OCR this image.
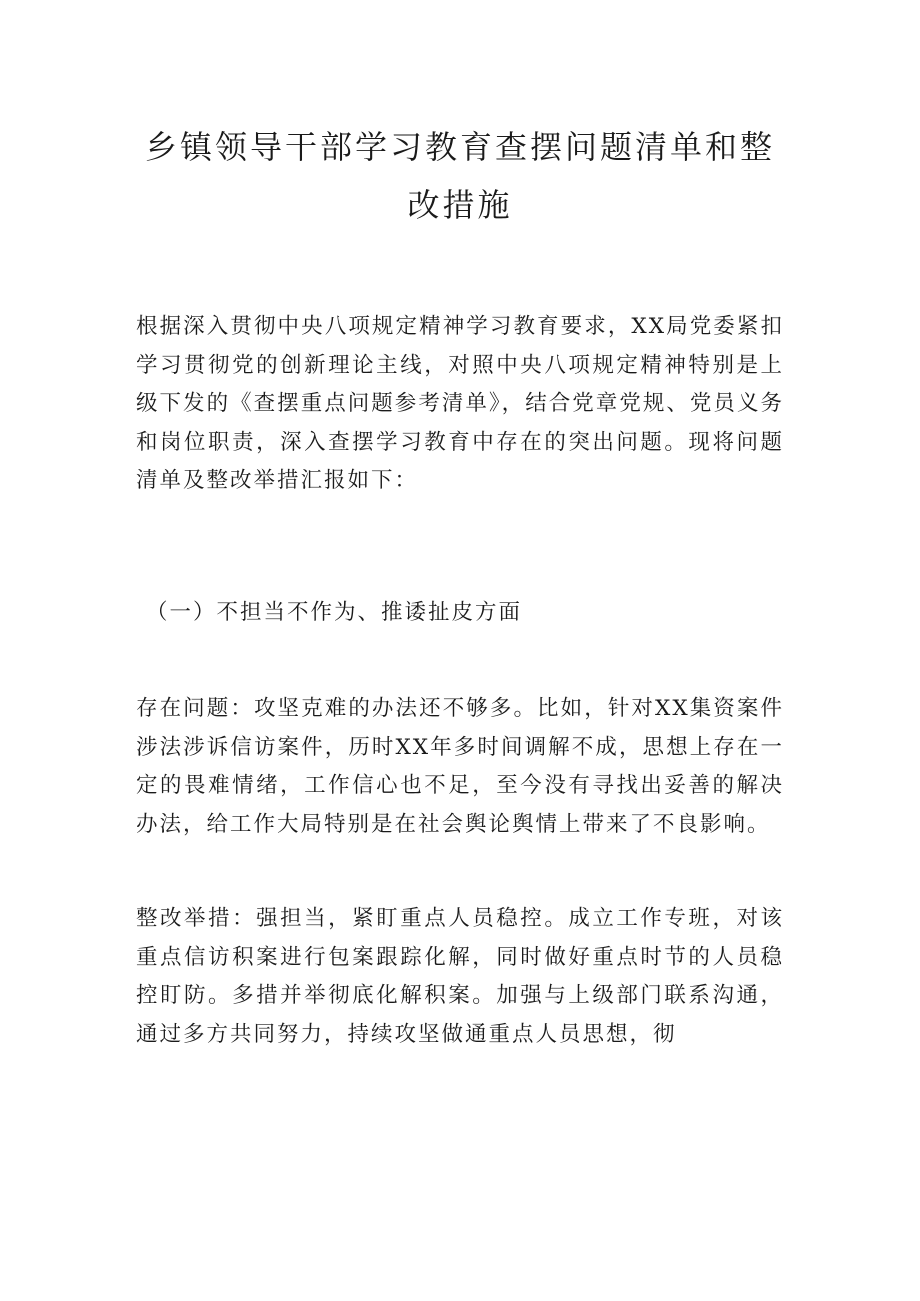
乡镇领导干部学习教育查摆问题清单和整
改措施

根据深入贯彻中央八项规定精神学习教育要求，XX局党委紧扣学习贯彻党的创新理论主线，对照中央八项规定精神特别是上级下发的《查摆重点问题参考清单》，结合党章党规、党员义务和岗位职责，深入查摆学习教育中存在的突出问题。现将问题清单及整改举措汇报如下：

（一）不担当不作为、推诿扯皮方面

存在问题：攻坚克难的办法还不够多。比如，针对XX集资案件涉法涉诉信访案件，历时XX年多时间调解不成，思想上存在一定的畏难情绪，工作信心也不足，至今没有寻找出妥善的解决办法，给工作大局特别是在社会舆论舆情上带来了不良影响。

整改举措：强担当，紧盯重点人员稳控。成立工作专班，对该重点信访积案进行包案跟踪化解，同时做好重点时节的人员稳控盯防。多措并举彻底化解积案。加强与上级部门联系沟通，通过多方共同努力，持续攻坚做通重点人员思想，彻
